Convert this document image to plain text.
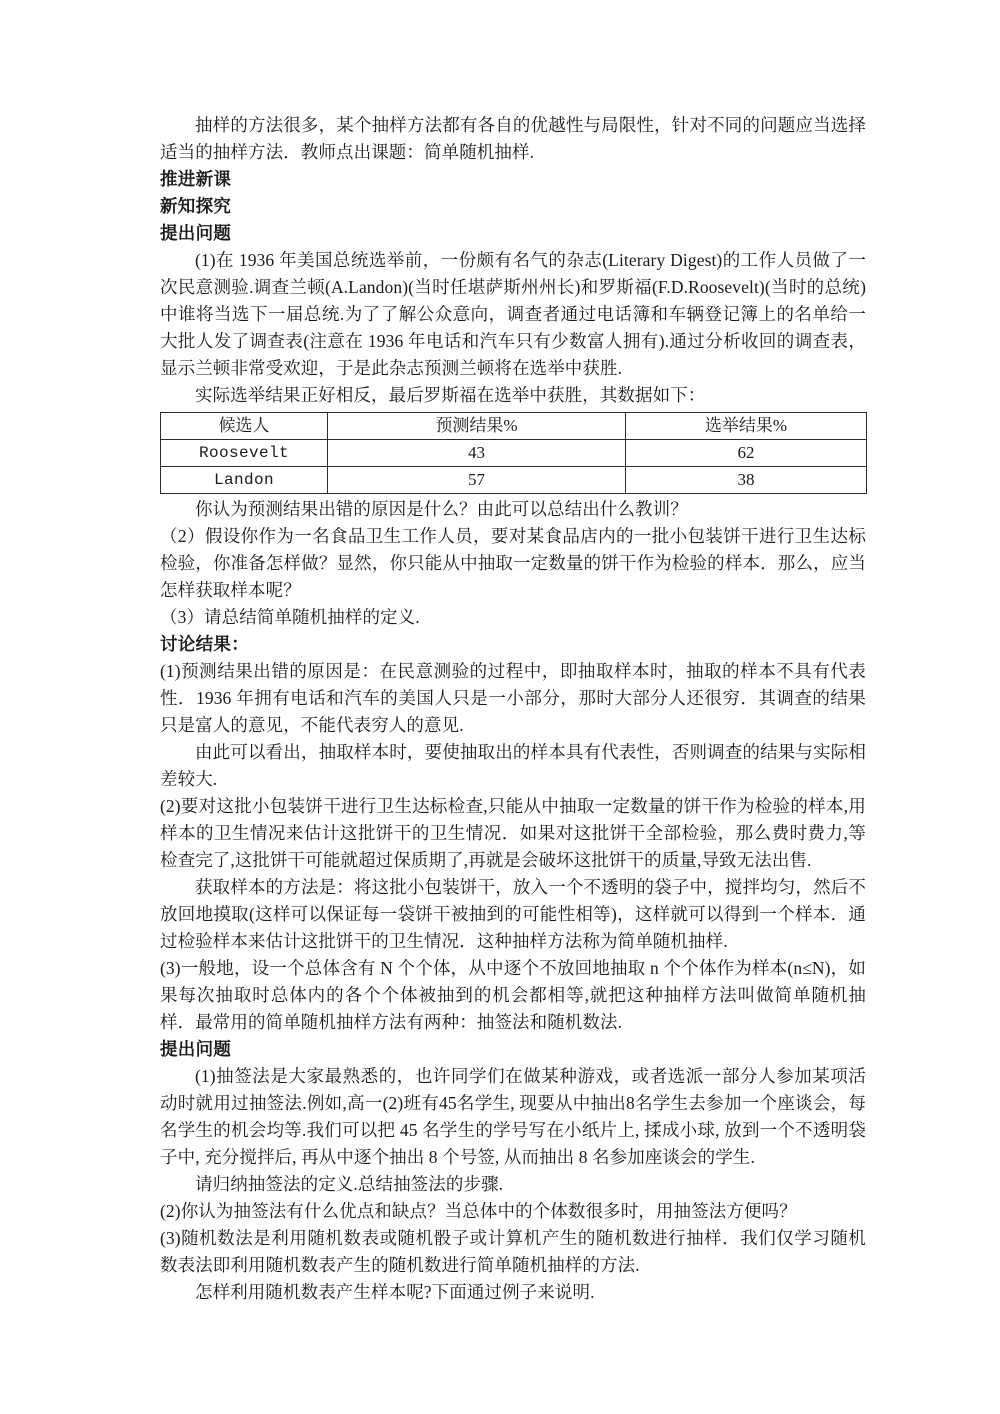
抽样的方法很多，某个抽样方法都有各自的优越性与局限性，针对不同的问题应当选择适当的抽样方法．教师点出课题：简单随机抽样.

推进新课

新知探究

提出问题

(1)在 1936 年美国总统选举前，一份颇有名气的杂志(Literary Digest)的工作人员做了一次民意测验.调查兰顿(A.Landon)(当时任堪萨斯州州长)和罗斯福(F.D.Roosevelt)(当时的总统)中谁将当选下一届总统.为了了解公众意向，调查者通过电话簿和车辆登记簿上的名单给一大批人发了调查表(注意在 1936 年电话和汽车只有少数富人拥有).通过分析收回的调查表，显示兰顿非常受欢迎，于是此杂志预测兰顿将在选举中获胜.

实际选举结果正好相反，最后罗斯福在选举中获胜，其数据如下：

候选人	预测结果%	选举结果%
Roosevelt	43	62
Landon	57	38

你认为预测结果出错的原因是什么？由此可以总结出什么教训？

（2）假设你作为一名食品卫生工作人员，要对某食品店内的一批小包装饼干进行卫生达标检验，你准备怎样做？显然，你只能从中抽取一定数量的饼干作为检验的样本．那么，应当怎样获取样本呢？

（3）请总结简单随机抽样的定义.

讨论结果：

(1)预测结果出错的原因是：在民意测验的过程中，即抽取样本时，抽取的样本不具有代表性．1936 年拥有电话和汽车的美国人只是一小部分，那时大部分人还很穷．其调查的结果只是富人的意见，不能代表穷人的意见.

由此可以看出，抽取样本时，要使抽取出的样本具有代表性，否则调查的结果与实际相差较大.

(2)要对这批小包装饼干进行卫生达标检查,只能从中抽取一定数量的饼干作为检验的样本,用样本的卫生情况来估计这批饼干的卫生情况．如果对这批饼干全部检验，那么费时费力,等检查完了,这批饼干可能就超过保质期了,再就是会破坏这批饼干的质量,导致无法出售.

获取样本的方法是：将这批小包装饼干，放入一个不透明的袋子中，搅拌均匀，然后不放回地摸取(这样可以保证每一袋饼干被抽到的可能性相等)，这样就可以得到一个样本．通过检验样本来估计这批饼干的卫生情况．这种抽样方法称为简单随机抽样.

(3)一般地，设一个总体含有 N 个个体，从中逐个不放回地抽取 n 个个体作为样本(n≤N)，如果每次抽取时总体内的各个个体被抽到的机会都相等,就把这种抽样方法叫做简单随机抽样．最常用的简单随机抽样方法有两种：抽签法和随机数法.

提出问题

(1)抽签法是大家最熟悉的，也许同学们在做某种游戏，或者选派一部分人参加某项活动时就用过抽签法.例如,高一(2)班有45名学生, 现要从中抽出8名学生去参加一个座谈会，每名学生的机会均等.我们可以把 45 名学生的学号写在小纸片上, 揉成小球, 放到一个不透明袋子中, 充分搅拌后, 再从中逐个抽出 8 个号签, 从而抽出 8 名参加座谈会的学生.

请归纳抽签法的定义.总结抽签法的步骤.

(2)你认为抽签法有什么优点和缺点？当总体中的个体数很多时，用抽签法方便吗？

(3)随机数法是利用随机数表或随机骰子或计算机产生的随机数进行抽样．我们仅学习随机数表法即利用随机数表产生的随机数进行简单随机抽样的方法.

怎样利用随机数表产生样本呢?下面通过例子来说明.
